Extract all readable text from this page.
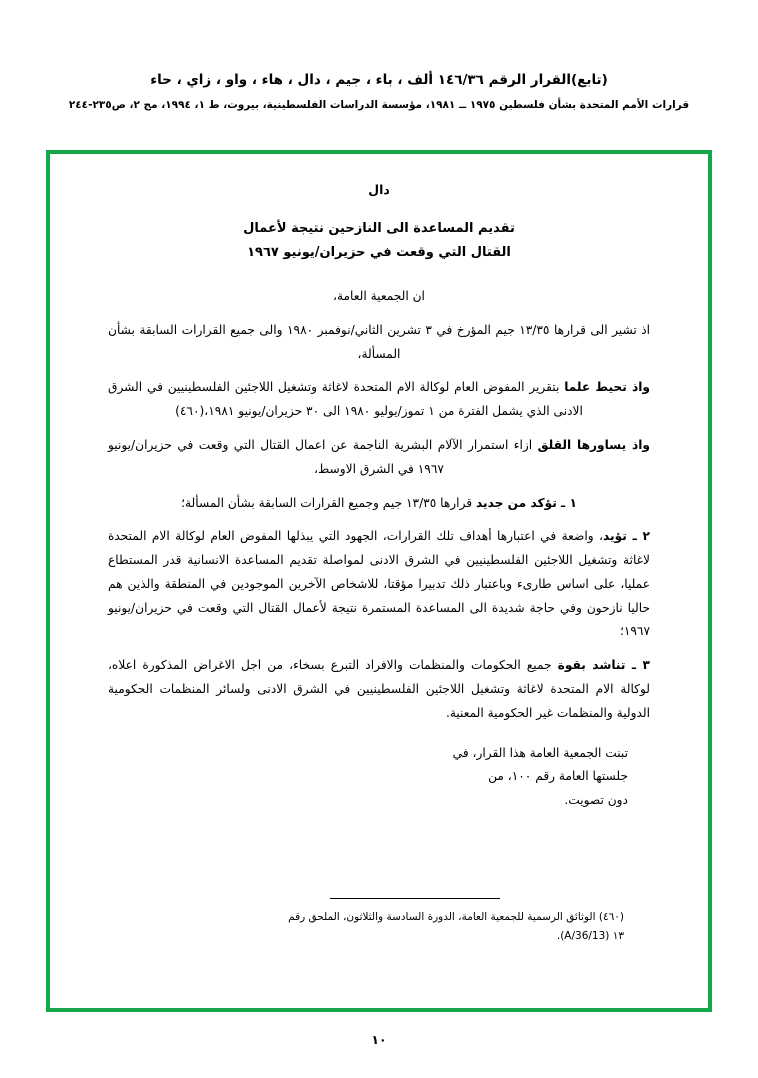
(تابع)القرار الرقم ١٤٦/٣٦ ألف ، باء ، جيم ، دال ، هاء ، واو ، زاي ، حاء
قرارات الأمم المتحدة بشأن فلسطين ١٩٧٥ ــ ١٩٨١، مؤسسة الدراسات الفلسطينية، بيروت، ط ١، ١٩٩٤، مج ٢، ص٢٣٥-٢٤٤
دال
تقديم المساعدة الى النازحين نتيجة لأعمال
القتال التي وقعت في حزيران/يونيو ١٩٦٧
ان الجمعية العامة،
اذ تشير الى قرارها ١٣/٣٥ جيم المؤرخ في ٣ تشرين الثاني/نوفمبر ١٩٨٠ والى جميع القرارات السابقة بشأن المسألة،
واذ تحيط علما بتقرير المفوض العام لوكالة الام المتحدة لاغاثة وتشغيل اللاجئين الفلسطينيين في الشرق الادنى الذي يشمل الفترة من ١ تموز/يوليو ١٩٨٠ الى ٣٠ حزيران/يونيو ١٩٨١،(٤٦٠)
واذ يساورها القلق ازاء استمرار الآلام البشرية الناجمة عن اعمال القتال التي وقعت في حزيران/يونيو ١٩٦٧ في الشرق الاوسط،
١ ـ تؤكد من جديد قرارها ١٣/٣٥ جيم وجميع القرارات السابقة بشأن المسألة؛
٢ ـ تؤيد، واضعة في اعتبارها أهداف تلك القرارات، الجهود التي يبذلها المفوض العام لوكالة الام المتحدة لاغاثة وتشغيل اللاجئين الفلسطينيين في الشرق الادنى لمواصلة تقديم المساعدة الانسانية قدر المستطاع عمليا، على اساس طارىء وباعتبار ذلك تدبيرا مؤقتا، للاشخاص الآخرين الموجودين في المنطقة والذين هم حاليا نازحون وفي حاجة شديدة الى المساعدة المستمرة نتيجة لأعمال القتال التي وقعت في حزيران/يونيو ١٩٦٧؛
٣ ـ تناشد بقوة جميع الحكومات والمنظمات والافراد التبرع بسخاء، من اجل الاغراض المذكورة اعلاه، لوكالة الام المتحدة لاغاثة وتشغيل اللاجئين الفلسطينيين في الشرق الادنى ولسائر المنظمات الحكومية الدولية والمنظمات غير الحكومية المعنية.
تبنت الجمعية العامة هذا القرار، في
جلستها العامة رقم ١٠٠، من
دون تصويت.
(٤٦٠) الوثائق الرسمية للجمعية العامة، الدورة السادسة والثلاثون، الملحق رقم
١٣ (A/36/13).
١٠
